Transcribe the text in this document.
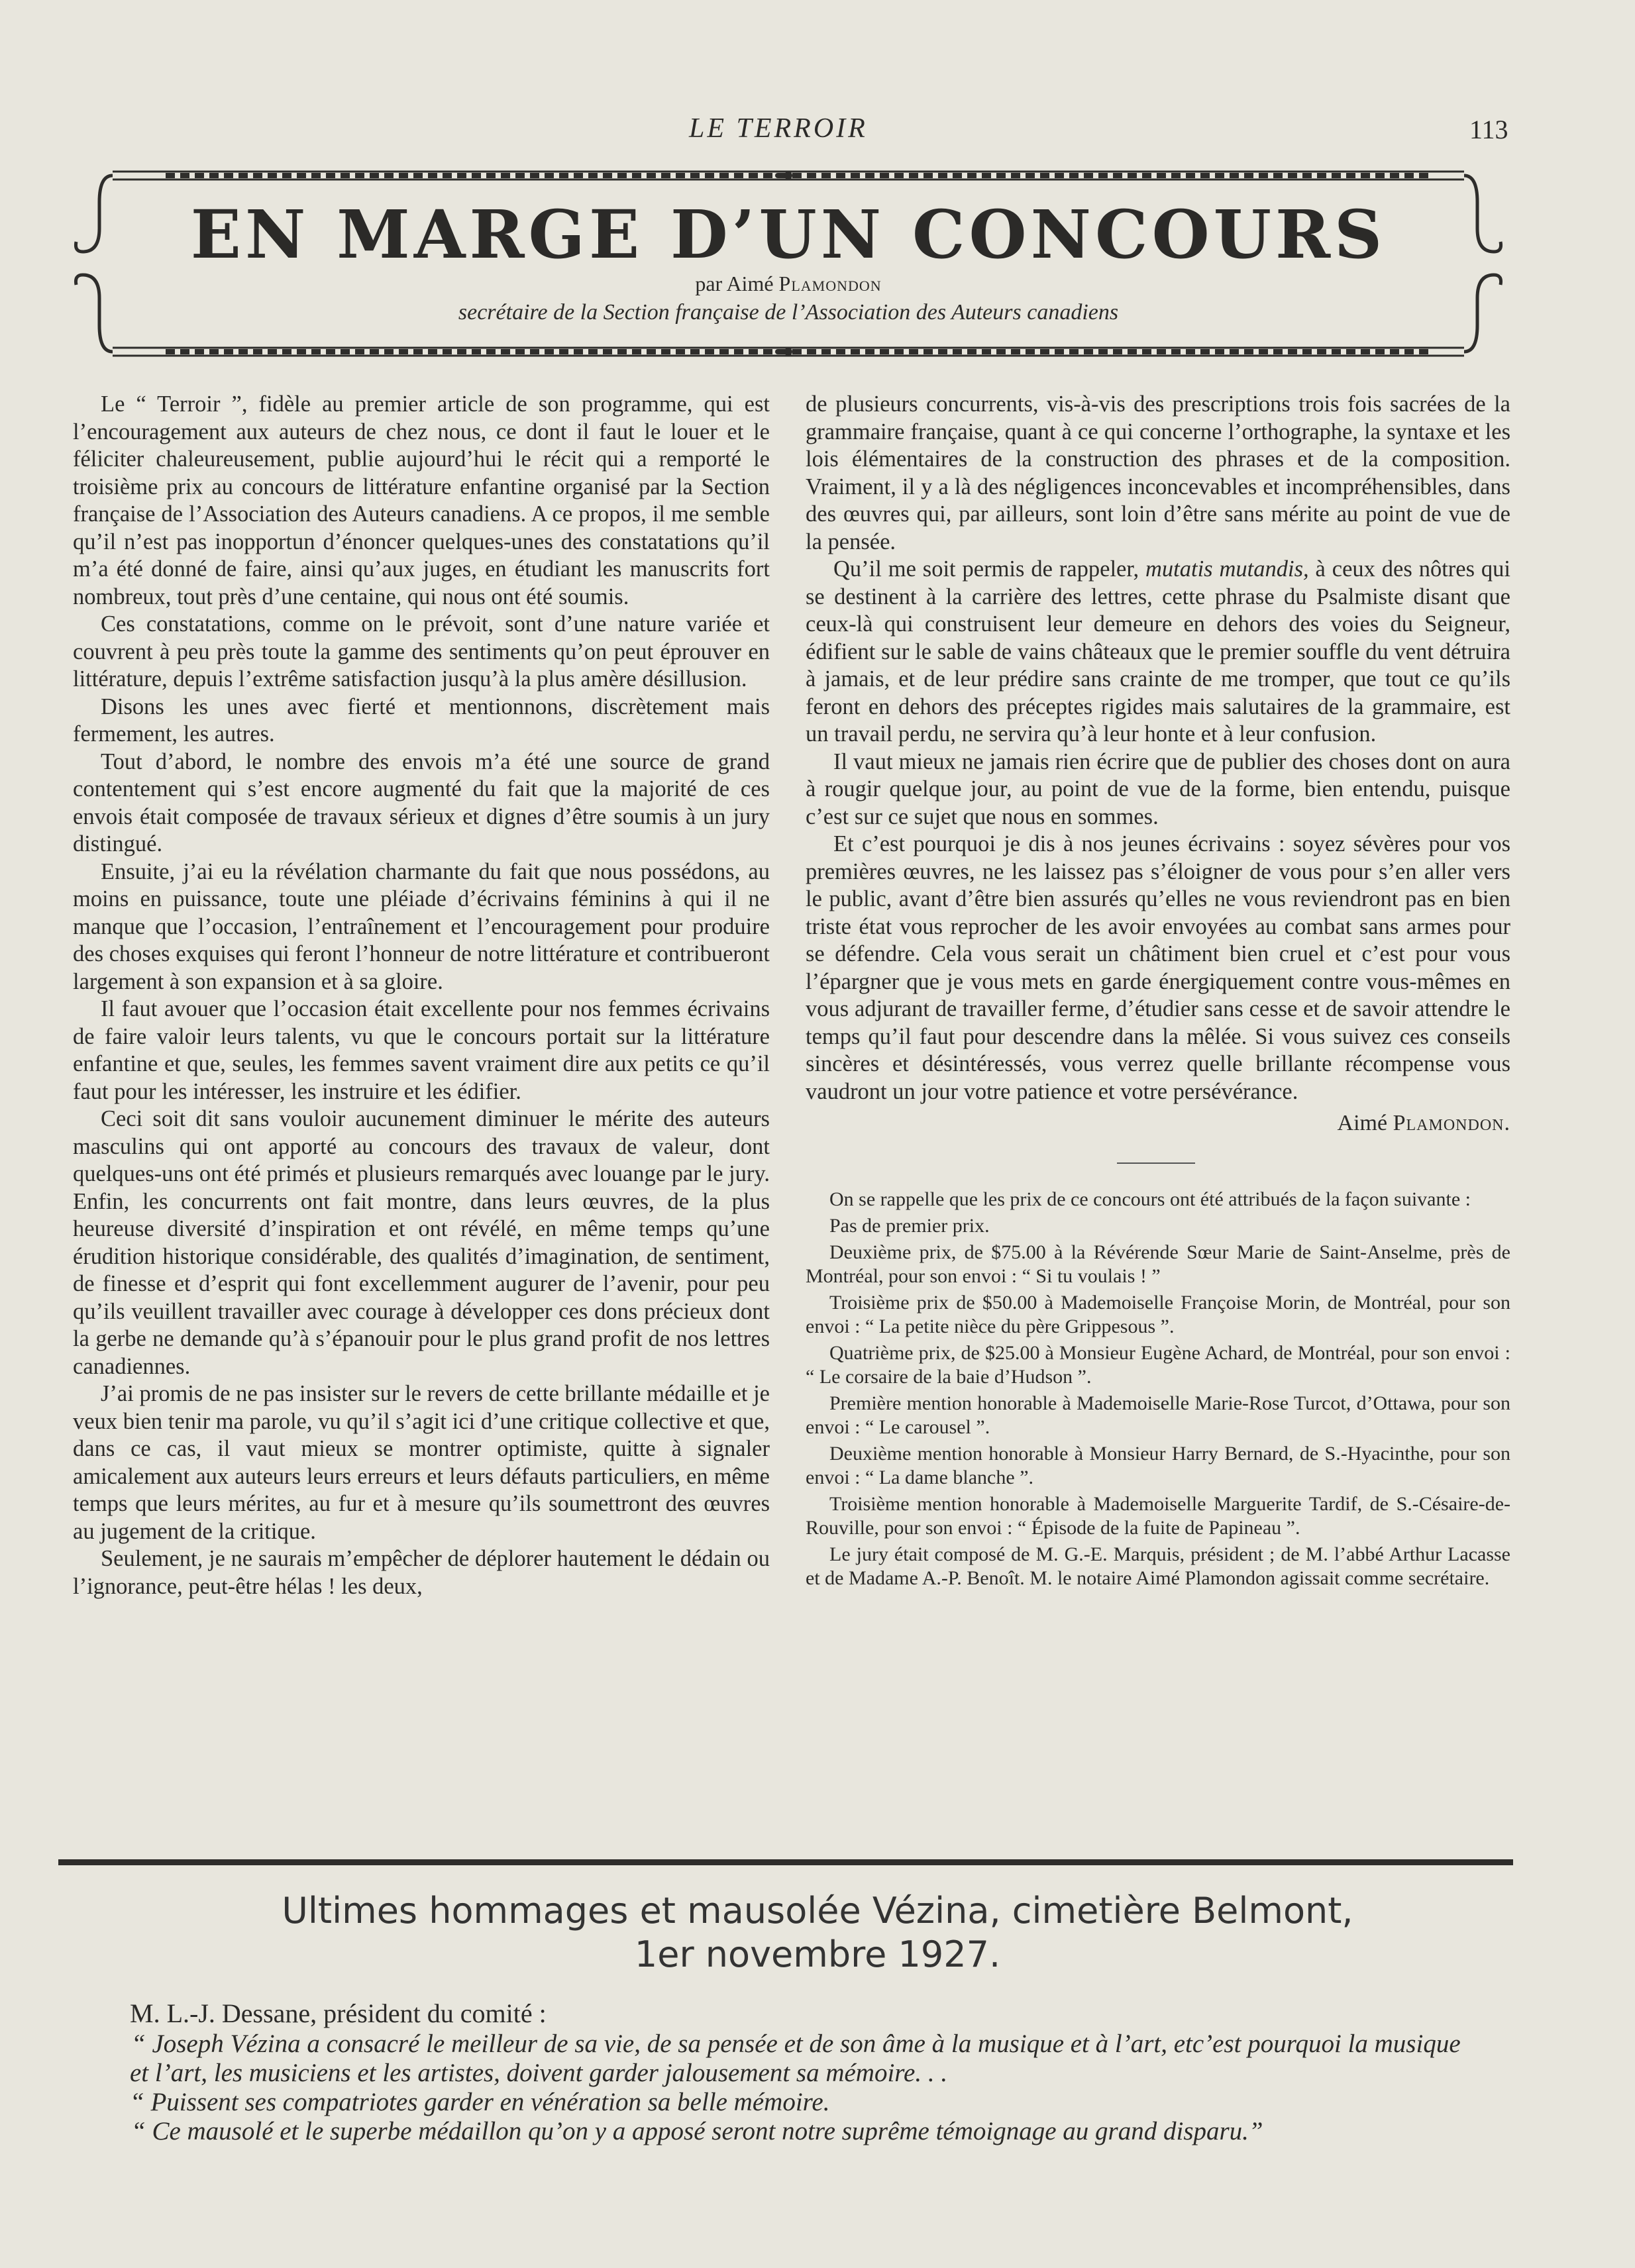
LE TERROIR	113
EN MARGE D’UN CONCOURS
par Aimé Plamondon
secrétaire de la Section française de l’Association des Auteurs canadiens

Le “ Terroir ”, fidèle au premier article de son programme, qui est l’encouragement aux auteurs de chez nous, ce dont il faut le louer et le féliciter chaleureusement, publie aujourd’hui le récit qui a remporté le troisième prix au concours de littérature enfantine organisé par la Section française de l’Association des Auteurs canadiens. A ce propos, il me semble qu’il n’est pas inopportun d’énoncer quelques-unes des constatations qu’il m’a été donné de faire, ainsi qu’aux juges, en étudiant les manuscrits fort nombreux, tout près d’une centaine, qui nous ont été soumis.

Ces constatations, comme on le prévoit, sont d’une nature variée et couvrent à peu près toute la gamme des sentiments qu’on peut éprouver en littérature, depuis l’extrême satisfaction jusqu’à la plus amère désillusion.

Disons les unes avec fierté et mentionnons, discrètement mais fermement, les autres.

Tout d’abord, le nombre des envois m’a été une source de grand contentement qui s’est encore augmenté du fait que la majorité de ces envois était composée de travaux sérieux et dignes d’être soumis à un jury distingué.

Ensuite, j’ai eu la révélation charmante du fait que nous possédons, au moins en puissance, toute une pléiade d’écrivains féminins à qui il ne manque que l’occasion, l’entraînement et l’encouragement pour produire des choses exquises qui feront l’honneur de notre littérature et contribueront largement à son expansion et à sa gloire.

Il faut avouer que l’occasion était excellente pour nos femmes écrivains de faire valoir leurs talents, vu que le concours portait sur la littérature enfantine et que, seules, les femmes savent vraiment dire aux petits ce qu’il faut pour les intéresser, les instruire et les édifier.

Ceci soit dit sans vouloir aucunement diminuer le mérite des auteurs masculins qui ont apporté au concours des travaux de valeur, dont quelques-uns ont été primés et plusieurs remarqués avec louange par le jury. Enfin, les concurrents ont fait montre, dans leurs œuvres, de la plus heureuse diversité d’inspiration et ont révélé, en même temps qu’une érudition historique considérable, des qualités d’imagination, de sentiment, de finesse et d’esprit qui font excellemment augurer de l’avenir, pour peu qu’ils veuillent travailler avec courage à développer ces dons précieux dont la gerbe ne demande qu’à s’épanouir pour le plus grand profit de nos lettres canadiennes.

J’ai promis de ne pas insister sur le revers de cette brillante médaille et je veux bien tenir ma parole, vu qu’il s’agit ici d’une critique collective et que, dans ce cas, il vaut mieux se montrer optimiste, quitte à signaler amicalement aux auteurs leurs erreurs et leurs défauts particuliers, en même temps que leurs mérites, au fur et à mesure qu’ils soumettront des œuvres au jugement de la critique.

Seulement, je ne saurais m’empêcher de déplorer hautement le dédain ou l’ignorance, peut-être hélas ! les deux,

de plusieurs concurrents, vis-à-vis des prescriptions trois fois sacrées de la grammaire française, quant à ce qui concerne l’orthographe, la syntaxe et les lois élémentaires de la construction des phrases et de la composition. Vraiment, il y a là des négligences inconcevables et incompréhensibles, dans des œuvres qui, par ailleurs, sont loin d’être sans mérite au point de vue de la pensée.

Qu’il me soit permis de rappeler, mutatis mutandis, à ceux des nôtres qui se destinent à la carrière des lettres, cette phrase du Psalmiste disant que ceux-là qui construisent leur demeure en dehors des voies du Seigneur, édifient sur le sable de vains châteaux que le premier souffle du vent détruira à jamais, et de leur prédire sans crainte de me tromper, que tout ce qu’ils feront en dehors des préceptes rigides mais salutaires de la grammaire, est un travail perdu, ne servira qu’à leur honte et à leur confusion.

Il vaut mieux ne jamais rien écrire que de publier des choses dont on aura à rougir quelque jour, au point de vue de la forme, bien entendu, puisque c’est sur ce sujet que nous en sommes.

Et c’est pourquoi je dis à nos jeunes écrivains : soyez sévères pour vos premières œuvres, ne les laissez pas s’éloigner de vous pour s’en aller vers le public, avant d’être bien assurés qu’elles ne vous reviendront pas en bien triste état vous reprocher de les avoir envoyées au combat sans armes pour se défendre. Cela vous serait un châtiment bien cruel et c’est pour vous l’épargner que je vous mets en garde énergiquement contre vous-mêmes en vous adjurant de travailler ferme, d’étudier sans cesse et de savoir attendre le temps qu’il faut pour descendre dans la mêlée. Si vous suivez ces conseils sincères et désintéressés, vous verrez quelle brillante récompense vous vaudront un jour votre patience et votre persévérance.

Aimé Plamondon.

On se rappelle que les prix de ce concours ont été attribués de la façon suivante :

Pas de premier prix.

Deuxième prix, de $75.00 à la Révérende Sœur Marie de Saint-Anselme, près de Montréal, pour son envoi : “ Si tu voulais ! ”

Troisième prix de $50.00 à Mademoiselle Françoise Morin, de Montréal, pour son envoi : “ La petite nièce du père Grippesous ”.

Quatrième prix, de $25.00 à Monsieur Eugène Achard, de Montréal, pour son envoi : “ Le corsaire de la baie d’Hudson ”.

Première mention honorable à Mademoiselle Marie-Rose Turcot, d’Ottawa, pour son envoi : “ Le carousel ”.

Deuxième mention honorable à Monsieur Harry Bernard, de S.-Hyacinthe, pour son envoi : “ La dame blanche ”.

Troisième mention honorable à Mademoiselle Marguerite Tardif, de S.-Césaire-de-Rouville, pour son envoi : “ Épisode de la fuite de Papineau ”.

Le jury était composé de M. G.-E. Marquis, président ; de M. l’abbé Arthur Lacasse et de Madame A.-P. Benoît. M. le notaire Aimé Plamondon agissait comme secrétaire.

Ultimes hommages et mausolée Vézina, cimetière Belmont,
1er novembre 1927.

M. L.-J. Dessane, président du comité :

“ Joseph Vézina a consacré le meilleur de sa vie, de sa pensée et de son âme à la musique et à l’art, etc’est pourquoi la musique et l’art, les musiciens et les artistes, doivent garder jalousement sa mémoire. . .

“ Puissent ses compatriotes garder en vénération sa belle mémoire.

“ Ce mausolé et le superbe médaillon qu’on y a apposé seront notre suprême témoignage au grand disparu.”
